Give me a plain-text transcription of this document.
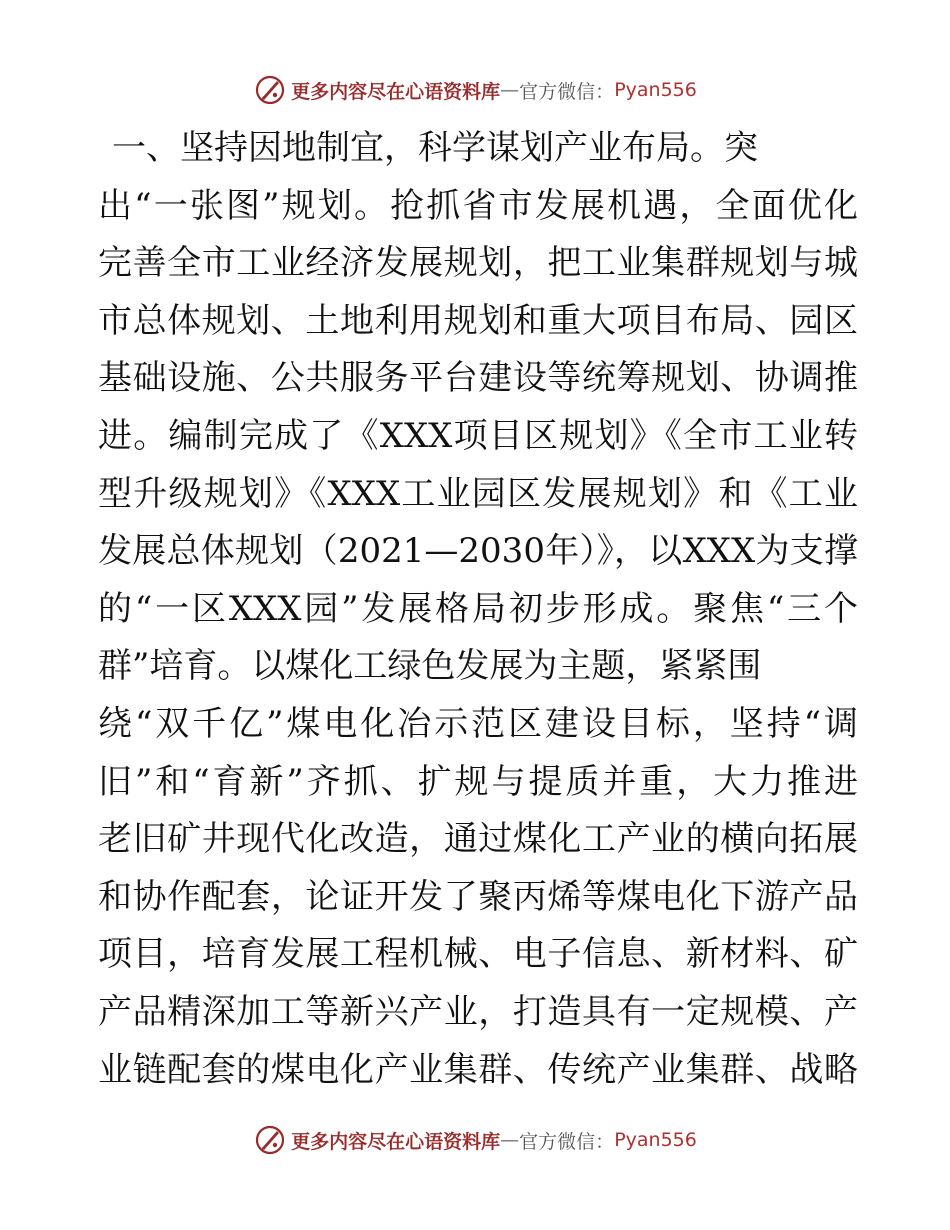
更多内容尽在心语资料库 — 官方微信： Pyan556
一、坚持因地制宜，科学谋划产业布局。突
出“一张图”规划。抢抓省市发展机遇，全面优化
完善全市工业经济发展规划，把工业集群规划与城
市总体规划、土地利用规划和重大项目布局、园区
基础设施、公共服务平台建设等统筹规划、协调推
进。编制完成了《XXX项目区规划》《全市工业转
型升级规划》《XXX工业园区发展规划》和《工业
发展总体规划（2021—2030年）》，以XXX为支撑
的“一区XXX园”发展格局初步形成。聚焦“三个
群”培育。以煤化工绿色发展为主题，紧紧围
绕“双千亿”煤电化冶示范区建设目标，坚持“调
旧”和“育新”齐抓、扩规与提质并重，大力推进
老旧矿井现代化改造，通过煤化工产业的横向拓展
和协作配套，论证开发了聚丙烯等煤电化下游产品
项目，培育发展工程机械、电子信息、新材料、矿
产品精深加工等新兴产业，打造具有一定规模、产
业链配套的煤电化产业集群、传统产业集群、战略
更多内容尽在心语资料库 — 官方微信： Pyan556
